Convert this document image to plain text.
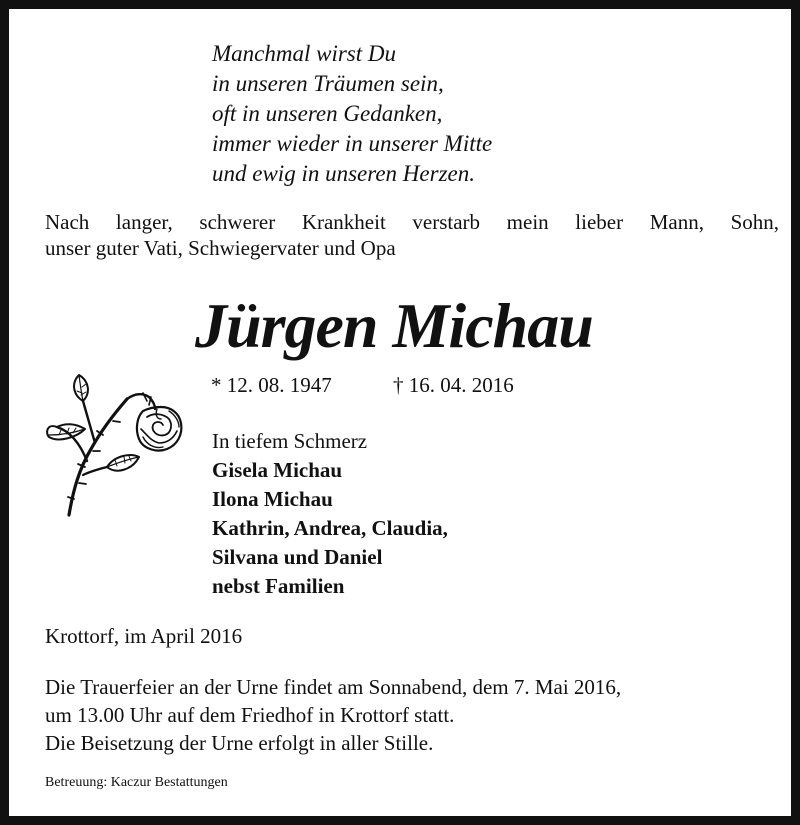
Manchmal wirst Du
in unseren Träumen sein,
oft in unseren Gedanken,
immer wieder in unserer Mitte
und ewig in unseren Herzen.
Nach langer, schwerer Krankheit verstarb mein lieber Mann, Sohn,
unser guter Vati, Schwiegervater und Opa
Jürgen Michau
* 12. 08. 1947	† 16. 04. 2016
In tiefem Schmerz
Gisela Michau
Ilona Michau
Kathrin, Andrea, Claudia,
Silvana und Daniel
nebst Familien
Krottorf, im April 2016
Die Trauerfeier an der Urne findet am Sonnabend, dem 7. Mai 2016,
um 13.00 Uhr auf dem Friedhof in Krottorf statt.
Die Beisetzung der Urne erfolgt in aller Stille.
Betreuung: Kaczur Bestattungen
